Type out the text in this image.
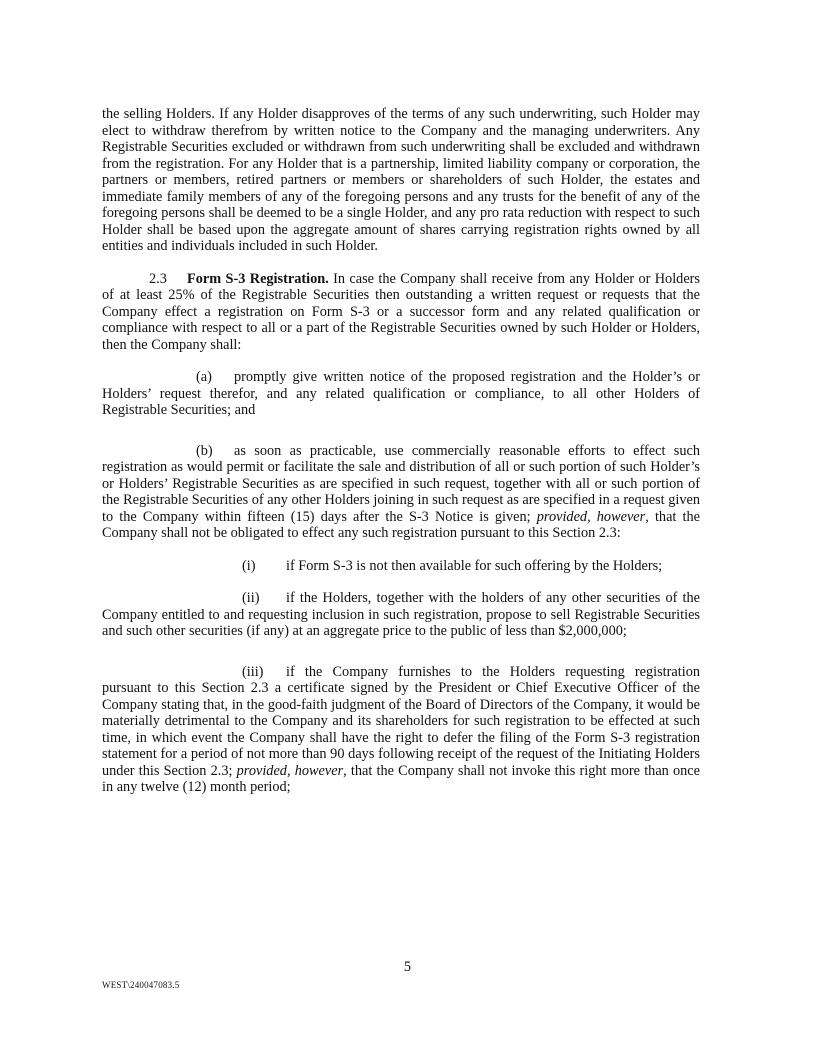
the selling Holders. If any Holder disapproves of the terms of any such underwriting, such Holder may elect to withdraw therefrom by written notice to the Company and the managing underwriters. Any Registrable Securities excluded or withdrawn from such underwriting shall be excluded and withdrawn from the registration. For any Holder that is a partnership, limited liability company or corporation, the partners or members, retired partners or members or shareholders of such Holder, the estates and immediate family members of any of the foregoing persons and any trusts for the benefit of any of the foregoing persons shall be deemed to be a single Holder, and any pro rata reduction with respect to such Holder shall be based upon the aggregate amount of shares carrying registration rights owned by all entities and individuals included in such Holder.

2.3 Form S-3 Registration. In case the Company shall receive from any Holder or Holders of at least 25% of the Registrable Securities then outstanding a written request or requests that the Company effect a registration on Form S-3 or a successor form and any related qualification or compliance with respect to all or a part of the Registrable Securities owned by such Holder or Holders, then the Company shall:

(a) promptly give written notice of the proposed registration and the Holder’s or Holders’ request therefor, and any related qualification or compliance, to all other Holders of Registrable Securities; and

(b) as soon as practicable, use commercially reasonable efforts to effect such registration as would permit or facilitate the sale and distribution of all or such portion of such Holder’s or Holders’ Registrable Securities as are specified in such request, together with all or such portion of the Registrable Securities of any other Holders joining in such request as are specified in a request given to the Company within fifteen (15) days after the S-3 Notice is given; provided, however, that the Company shall not be obligated to effect any such registration pursuant to this Section 2.3:

(i) if Form S-3 is not then available for such offering by the Holders;

(ii) if the Holders, together with the holders of any other securities of the Company entitled to and requesting inclusion in such registration, propose to sell Registrable Securities and such other securities (if any) at an aggregate price to the public of less than $2,000,000;

(iii) if the Company furnishes to the Holders requesting registration pursuant to this Section 2.3 a certificate signed by the President or Chief Executive Officer of the Company stating that, in the good-faith judgment of the Board of Directors of the Company, it would be materially detrimental to the Company and its shareholders for such registration to be effected at such time, in which event the Company shall have the right to defer the filing of the Form S-3 registration statement for a period of not more than 90 days following receipt of the request of the Initiating Holders under this Section 2.3; provided, however, that the Company shall not invoke this right more than once in any twelve (12) month period;

5
WEST\240047083.5
